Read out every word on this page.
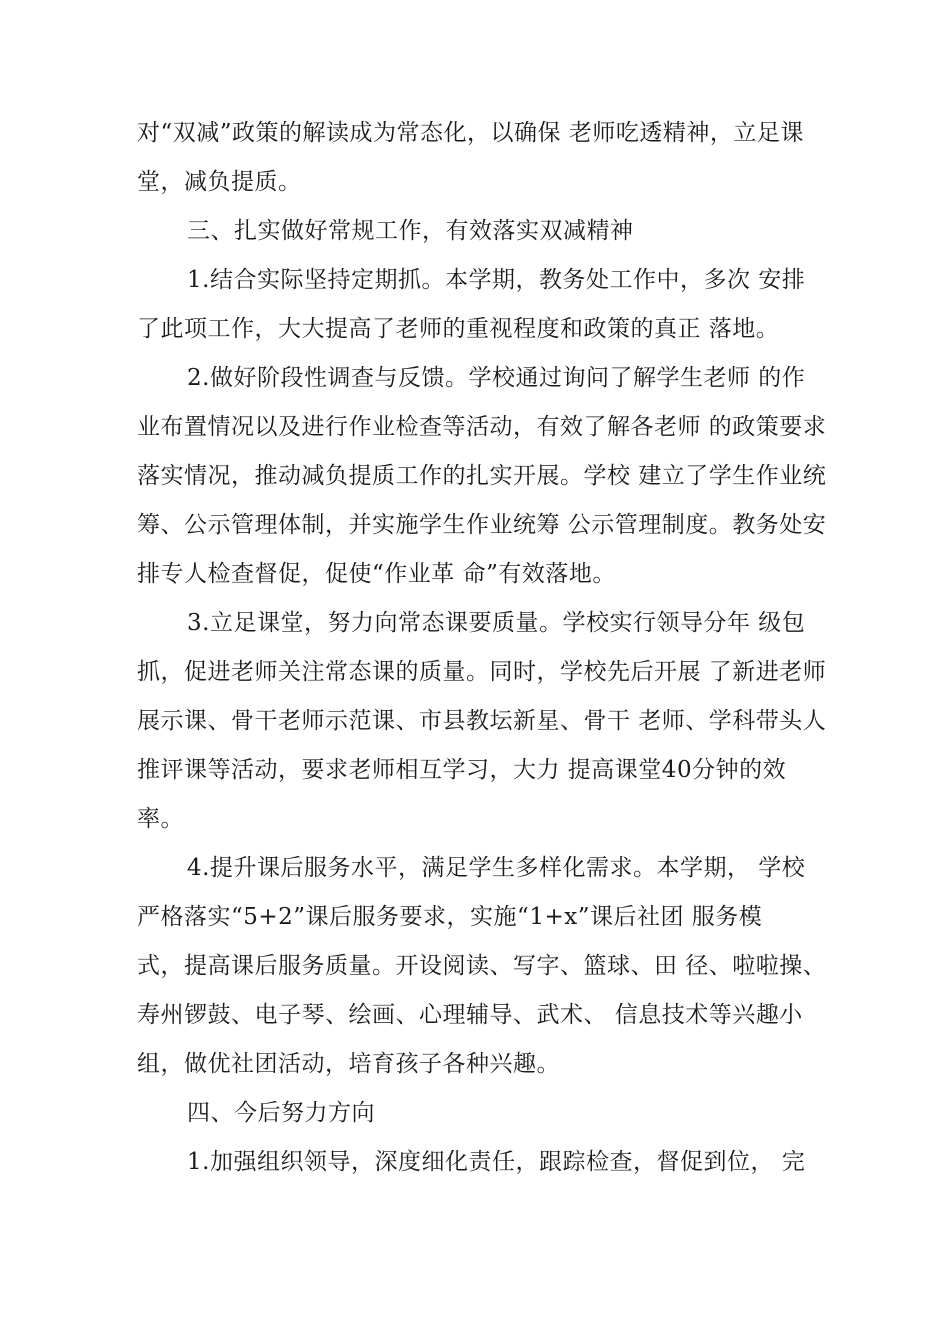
对“双减”政策的解读成为常态化，以确保 老师吃透精神，立足课
堂，减负提质。
三、扎实做好常规工作，有效落实双减精神
1.结合实际坚持定期抓。本学期，教务处工作中，多次 安排
了此项工作，大大提高了老师的重视程度和政策的真正 落地。
2.做好阶段性调查与反馈。学校通过询问了解学生老师 的作
业布置情况以及进行作业检查等活动，有效了解各老师 的政策要求
落实情况，推动减负提质工作的扎实开展。学校 建立了学生作业统
筹、公示管理体制，并实施学生作业统筹 公示管理制度。教务处安
排专人检查督促，促使“作业革 命”有效落地。
3.立足课堂，努力向常态课要质量。学校实行领导分年 级包
抓，促进老师关注常态课的质量。同时，学校先后开展 了新进老师
展示课、骨干老师示范课、市县教坛新星、骨干 老师、学科带头人
推评课等活动，要求老师相互学习，大力 提高课堂40分钟的效
率。
4.提升课后服务水平，满足学生多样化需求。本学期， 学校
严格落实“5+2”课后服务要求，实施“1+x”课后社团 服务模
式，提高课后服务质量。开设阅读、写字、篮球、田 径、啦啦操、
寿州锣鼓、电子琴、绘画、心理辅导、武术、 信息技术等兴趣小
组，做优社团活动，培育孩子各种兴趣。
四、今后努力方向
1.加强组织领导，深度细化责任，跟踪检查，督促到位， 完
